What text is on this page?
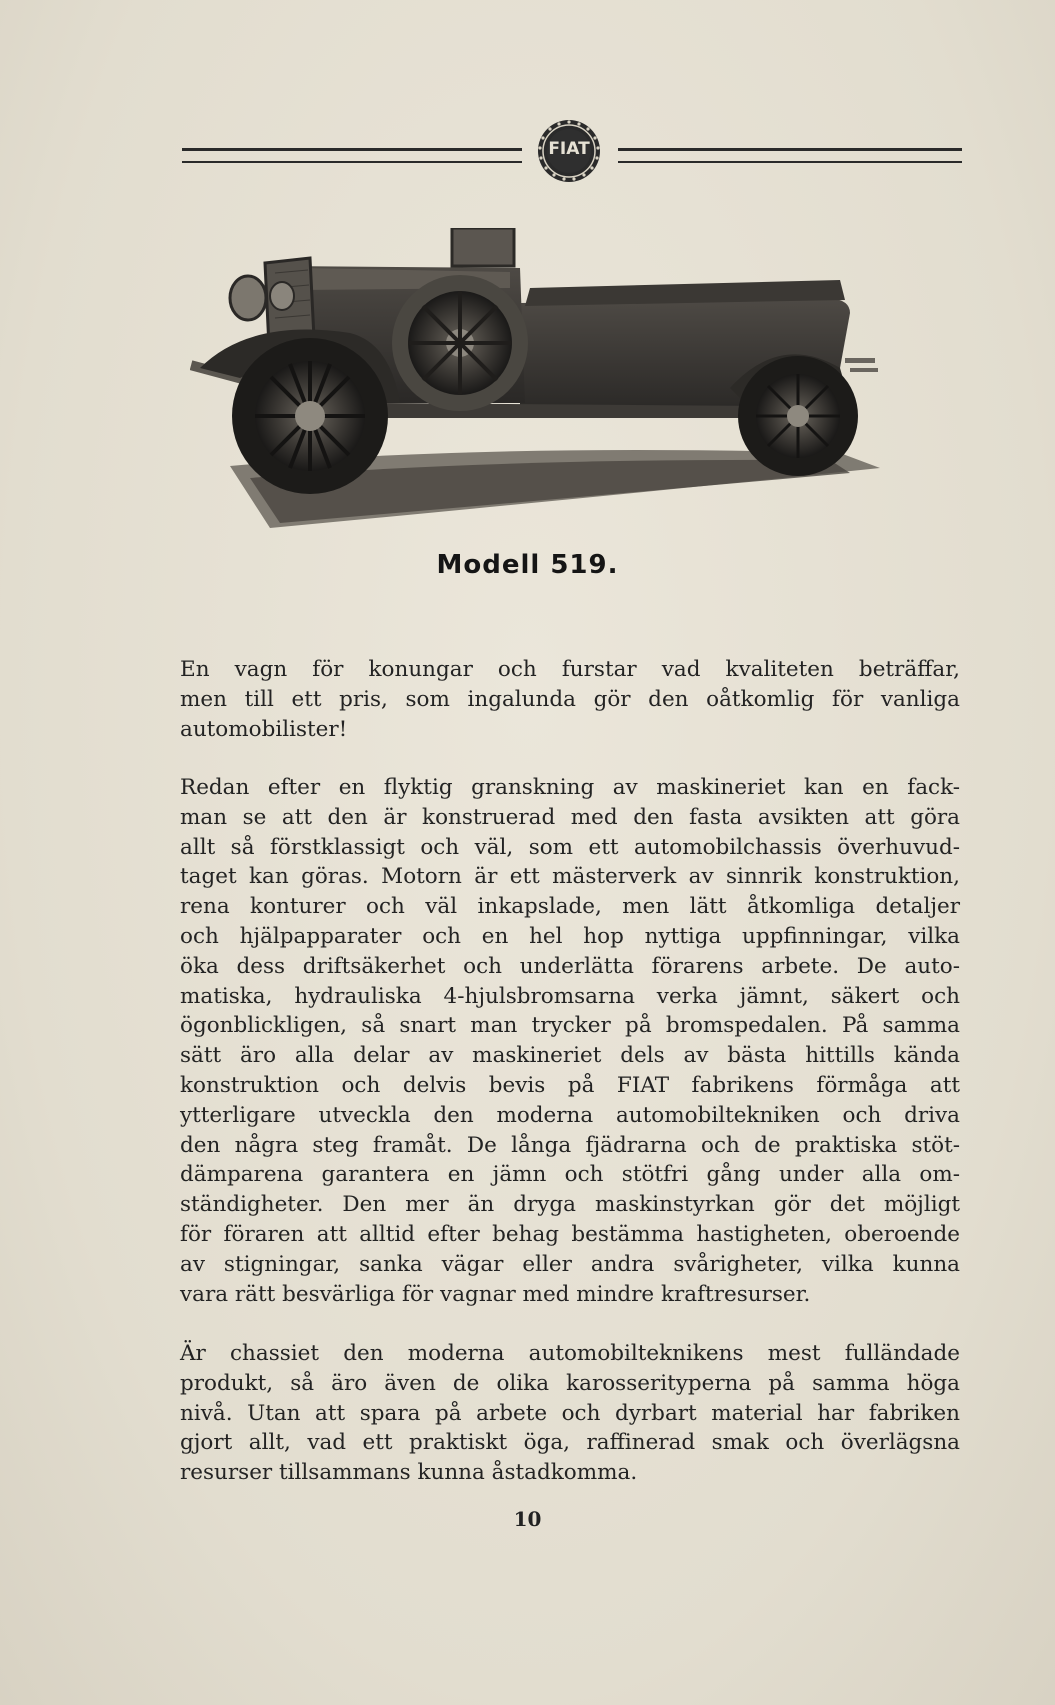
FIAT
Modell 519.
En vagn för konungar och furstar vad kvaliteten beträffar,
men till ett pris, som ingalunda gör den oåtkomlig för vanliga
automobilister!
Redan efter en flyktig granskning av maskineriet kan en fack-
man se att den är konstruerad med den fasta avsikten att göra
allt så förstklassigt och väl, som ett automobilchassis överhuvud-
taget kan göras. Motorn är ett mästerverk av sinnrik konstruktion,
rena konturer och väl inkapslade, men lätt åtkomliga detaljer
och hjälpapparater och en hel hop nyttiga uppfinningar, vilka
öka dess driftsäkerhet och underlätta förarens arbete. De auto-
matiska, hydrauliska 4-hjulsbromsarna verka jämnt, säkert och
ögonblickligen, så snart man trycker på bromspedalen. På samma
sätt äro alla delar av maskineriet dels av bästa hittills kända
konstruktion och delvis bevis på FIAT fabrikens förmåga att
ytterligare utveckla den moderna automobiltekniken och driva
den några steg framåt. De långa fjädrarna och de praktiska stöt-
dämparena garantera en jämn och stötfri gång under alla om-
ständigheter. Den mer än dryga maskinstyrkan gör det möjligt
för föraren att alltid efter behag bestämma hastigheten, oberoende
av stigningar, sanka vägar eller andra svårigheter, vilka kunna
vara rätt besvärliga för vagnar med mindre kraftresurser.
Är chassiet den moderna automobilteknikens mest fulländade
produkt, så äro även de olika karosserityperna på samma höga
nivå. Utan att spara på arbete och dyrbart material har fabriken
gjort allt, vad ett praktiskt öga, raffinerad smak och överlägsna
resurser tillsammans kunna åstadkomma.
10
